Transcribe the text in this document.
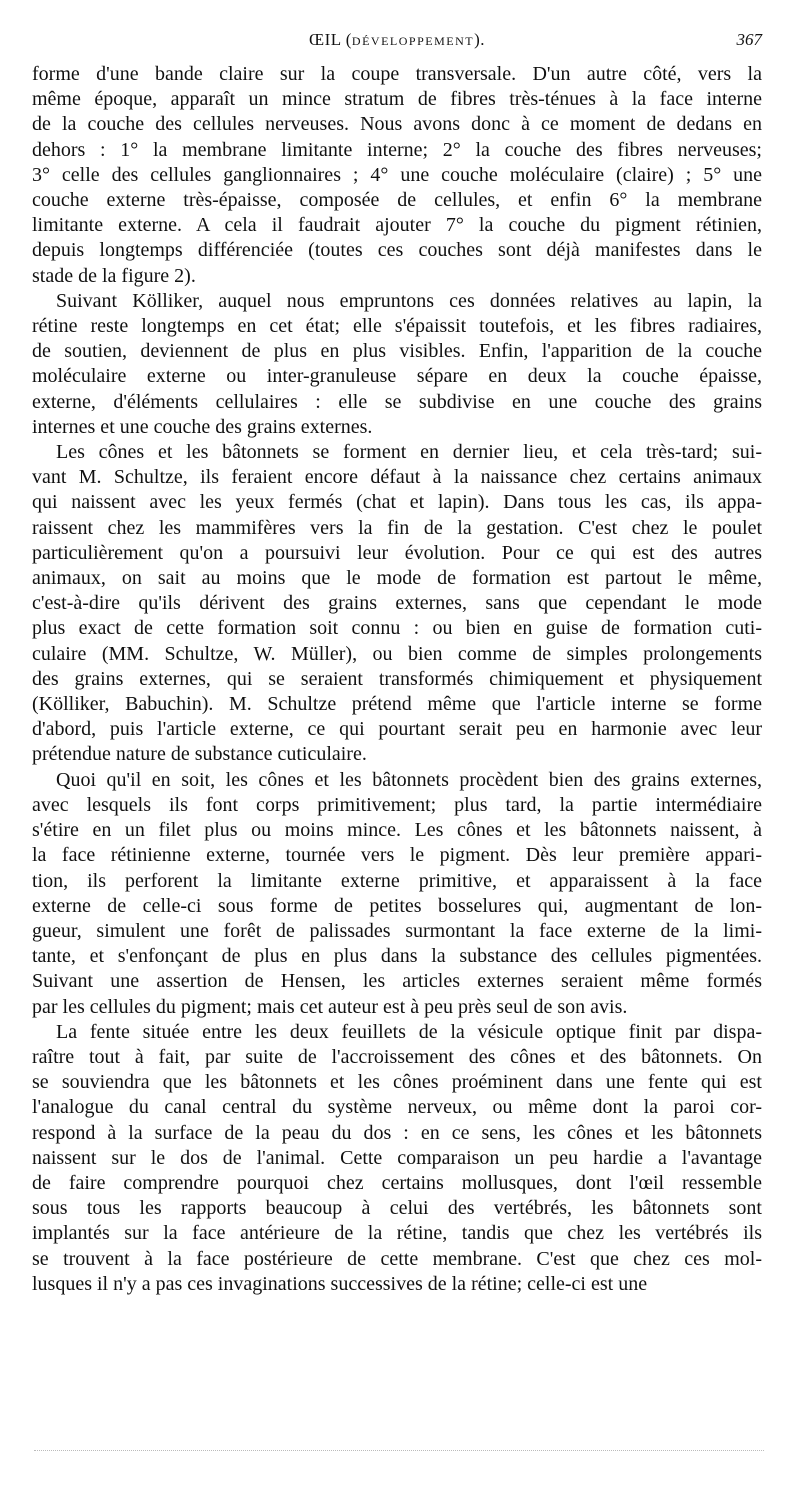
ŒIL (DÉVELOPPEMENT).	367

forme d'une bande claire sur la coupe transversale. D'un autre côté, vers la
même époque, apparaît un mince stratum de fibres très-ténues à la face interne
de la couche des cellules nerveuses. Nous avons donc à ce moment de dedans en
dehors : 1° la membrane limitante interne; 2° la couche des fibres nerveuses;
3° celle des cellules ganglionnaires ; 4° une couche moléculaire (claire) ; 5° une
couche externe très-épaisse, composée de cellules, et enfin 6° la membrane
limitante externe. A cela il faudrait ajouter 7° la couche du pigment rétinien,
depuis longtemps différenciée (toutes ces couches sont déjà manifestes dans le
stade de la figure 2).

Suivant Kölliker, auquel nous empruntons ces données relatives au lapin, la
rétine reste longtemps en cet état; elle s'épaissit toutefois, et les fibres radiaires,
de soutien, deviennent de plus en plus visibles. Enfin, l'apparition de la couche
moléculaire externe ou inter-granuleuse sépare en deux la couche épaisse,
externe, d'éléments cellulaires : elle se subdivise en une couche des grains
internes et une couche des grains externes.

Les cônes et les bâtonnets se forment en dernier lieu, et cela très-tard; sui-
vant M. Schultze, ils feraient encore défaut à la naissance chez certains animaux
qui naissent avec les yeux fermés (chat et lapin). Dans tous les cas, ils appa-
raissent chez les mammifères vers la fin de la gestation. C'est chez le poulet
particulièrement qu'on a poursuivi leur évolution. Pour ce qui est des autres
animaux, on sait au moins que le mode de formation est partout le même,
c'est-à-dire qu'ils dérivent des grains externes, sans que cependant le mode
plus exact de cette formation soit connu : ou bien en guise de formation cuti-
culaire (MM. Schultze, W. Müller), ou bien comme de simples prolongements
des grains externes, qui se seraient transformés chimiquement et physiquement
(Kölliker, Babuchin). M. Schultze prétend même que l'article interne se forme
d'abord, puis l'article externe, ce qui pourtant serait peu en harmonie avec leur
prétendue nature de substance cuticulaire.

Quoi qu'il en soit, les cônes et les bâtonnets procèdent bien des grains externes,
avec lesquels ils font corps primitivement; plus tard, la partie intermédiaire
s'étire en un filet plus ou moins mince. Les cônes et les bâtonnets naissent, à
la face rétinienne externe, tournée vers le pigment. Dès leur première appari-
tion, ils perforent la limitante externe primitive, et apparaissent à la face
externe de celle-ci sous forme de petites bosselures qui, augmentant de lon-
gueur, simulent une forêt de palissades surmontant la face externe de la limi-
tante, et s'enfonçant de plus en plus dans la substance des cellules pigmentées.
Suivant une assertion de Hensen, les articles externes seraient même formés
par les cellules du pigment; mais cet auteur est à peu près seul de son avis.

La fente située entre les deux feuillets de la vésicule optique finit par dispa-
raître tout à fait, par suite de l'accroissement des cônes et des bâtonnets. On
se souviendra que les bâtonnets et les cônes proéminent dans une fente qui est
l'analogue du canal central du système nerveux, ou même dont la paroi cor-
respond à la surface de la peau du dos : en ce sens, les cônes et les bâtonnets
naissent sur le dos de l'animal. Cette comparaison un peu hardie a l'avantage
de faire comprendre pourquoi chez certains mollusques, dont l'œil ressemble
sous tous les rapports beaucoup à celui des vertébrés, les bâtonnets sont
implantés sur la face antérieure de la rétine, tandis que chez les vertébrés ils
se trouvent à la face postérieure de cette membrane. C'est que chez ces mol-
lusques il n'y a pas ces invaginations successives de la rétine; celle-ci est une
